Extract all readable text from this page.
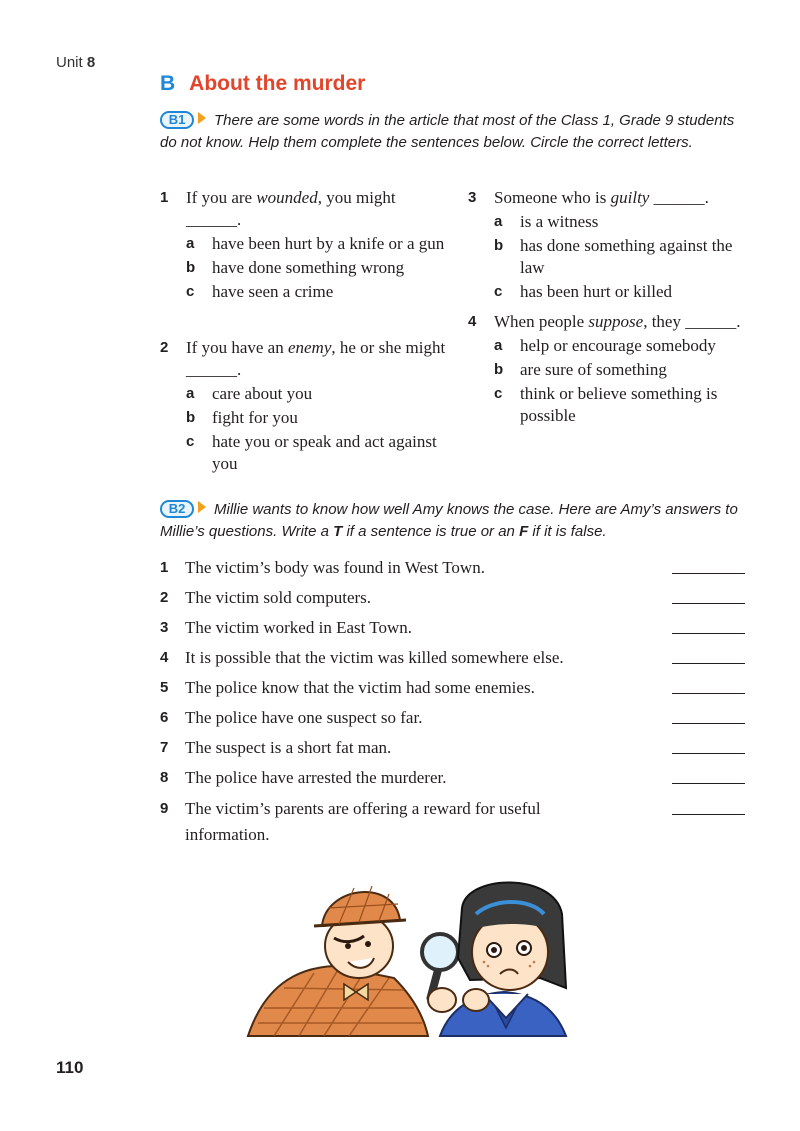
Unit 8
B About the murder
B1 There are some words in the article that most of the Class 1, Grade 9 students do not know. Help them complete the sentences below. Circle the correct letters.
1 If you are wounded, you might ______.
a have been hurt by a knife or a gun
b have done something wrong
c have seen a crime
2 If you have an enemy, he or she might ______.
a care about you
b fight for you
c hate you or speak and act against you
3 Someone who is guilty ______.
a is a witness
b has done something against the law
c has been hurt or killed
4 When people suppose, they ______.
a help or encourage somebody
b are sure of something
c think or believe something is possible
B2 Millie wants to know how well Amy knows the case. Here are Amy’s answers to Millie’s questions. Write a T if a sentence is true or an F if it is false.
1 The victim’s body was found in West Town.
2 The victim sold computers.
3 The victim worked in East Town.
4 It is possible that the victim was killed somewhere else.
5 The police know that the victim had some enemies.
6 The police have one suspect so far.
7 The suspect is a short fat man.
8 The police have arrested the murderer.
9 The victim’s parents are offering a reward for useful information.
110
